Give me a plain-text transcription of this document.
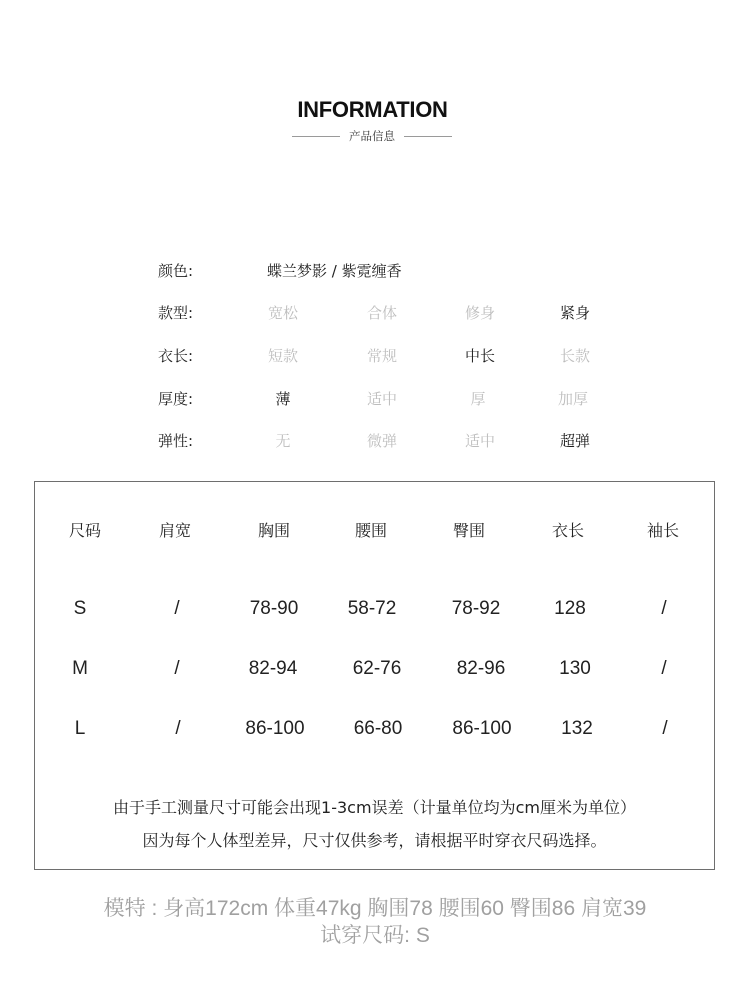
INFORMATION
产品信息
颜色:	蝶兰梦影 / 紫霓缠香
款型:	宽松	合体	修身	紧身
衣长:	短款	常规	中长	长款
厚度:	薄	适中	厚	加厚
弹性:	无	微弹	适中	超弹
尺码	肩宽	胸围	腰围	臀围	衣长	袖长
S	/	78-90	58-72	78-92	128	/
M	/	82-94	62-76	82-96	130	/
L	/	86-100	66-80	86-100	132	/
由于手工测量尺寸可能会出现1-3cm误差（计量单位均为cm厘米为单位）
因为每个人体型差异，尺寸仅供参考，请根据平时穿衣尺码选择。
模特 : 身高172cm 体重47kg 胸围78 腰围60 臀围86 肩宽39
试穿尺码: S
